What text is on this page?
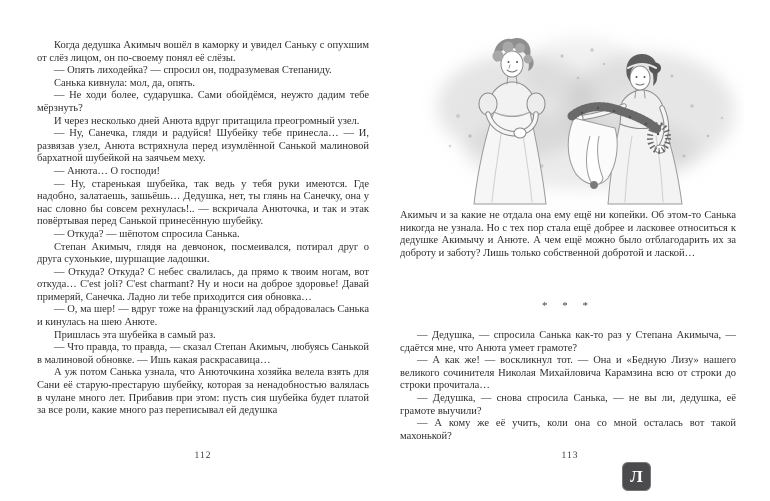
Когда дедушка Акимыч вошёл в каморку и увидел Саньку с опухшим от слёз лицом, он по-своему понял её слёзы.

— Опять лиходейка? — спросил он, подразумевая Степаниду.

Санька кивнула: мол, да, опять.

— Не ходи более, сударушка. Сами обойдёмся, неужто дадим тебе мёрзнуть?

И через несколько дней Анюта вдруг притащила преогромный узел.

— Ну, Санечка, гляди и радуйся! Шубейку тебе принесла… — И, развязав узел, Анюта встряхнула перед изумлённой Санькой малиновой бархатной шубейкой на заячьем меху.

— Анюта… О господи!

— Ну, старенькая шубейка, так ведь у тебя руки имеются. Где надобно, залатаешь, зашьёшь… Дедушка, нет, ты глянь на Санечку, она у нас словно бы совсем рехнулась!.. — вскричала Анюточка, и так и этак повёртывая перед Санькой принесённую шубейку.

— Откуда? — шёпотом спросила Санька.

Степан Акимыч, глядя на девчонок, посмеивался, потирал друг о друга сухонькие, шуршащие ладошки.

— Откуда? Откуда? С небес свалилась, да прямо к твоим ногам, вот откуда… C'est joli? C'est charmant? Ну и носи на доброе здоровье! Давай примеряй, Санечка. Ладно ли тебе приходится сия обновка…

— О, ма шер! — вдруг тоже на французский лад обрадовалась Санька и кинулась на шею Анюте.

Пришлась эта шубейка в самый раз.

— Что правда, то правда, — сказал Степан Акимыч, любуясь Санькой в малиновой обновке. — Ишь какая раскрасавица…

А уж потом Санька узнала, что Анюточкина хозяйка велела взять для Сани её старую-престарую шубейку, которая за ненадобностью валялась в чулане много лет. Прибавив при этом: пусть сия шубейка будет платой за все роли, какие много раз переписывал ей дедушка

112

Акимыч и за какие не отдала она ему ещё ни копейки. Об этом-то Санька никогда не узнала. Но с тех пор стала ещё добрее и ласковее относиться к дедушке Акимычу и Анюте. А чем ещё можно было отблагодарить их за доброту и заботу? Лишь только собственной добротой и лаской…

* * *

— Дедушка, — спросила Санька как-то раз у Степана Акимыча, — сдаётся мне, что Анюта умеет грамоте?

— А как же! — воскликнул тот. — Она и «Бедную Лизу» нашего великого сочинителя Николая Михайловича Карамзина всю от строки до строки прочитала…

— Дедушка, — снова спросила Санька, — не вы ли, дедушка, её грамоте выучили?

— А кому же её учить, коли она со мной осталась вот такой махонькой?

113
Л
